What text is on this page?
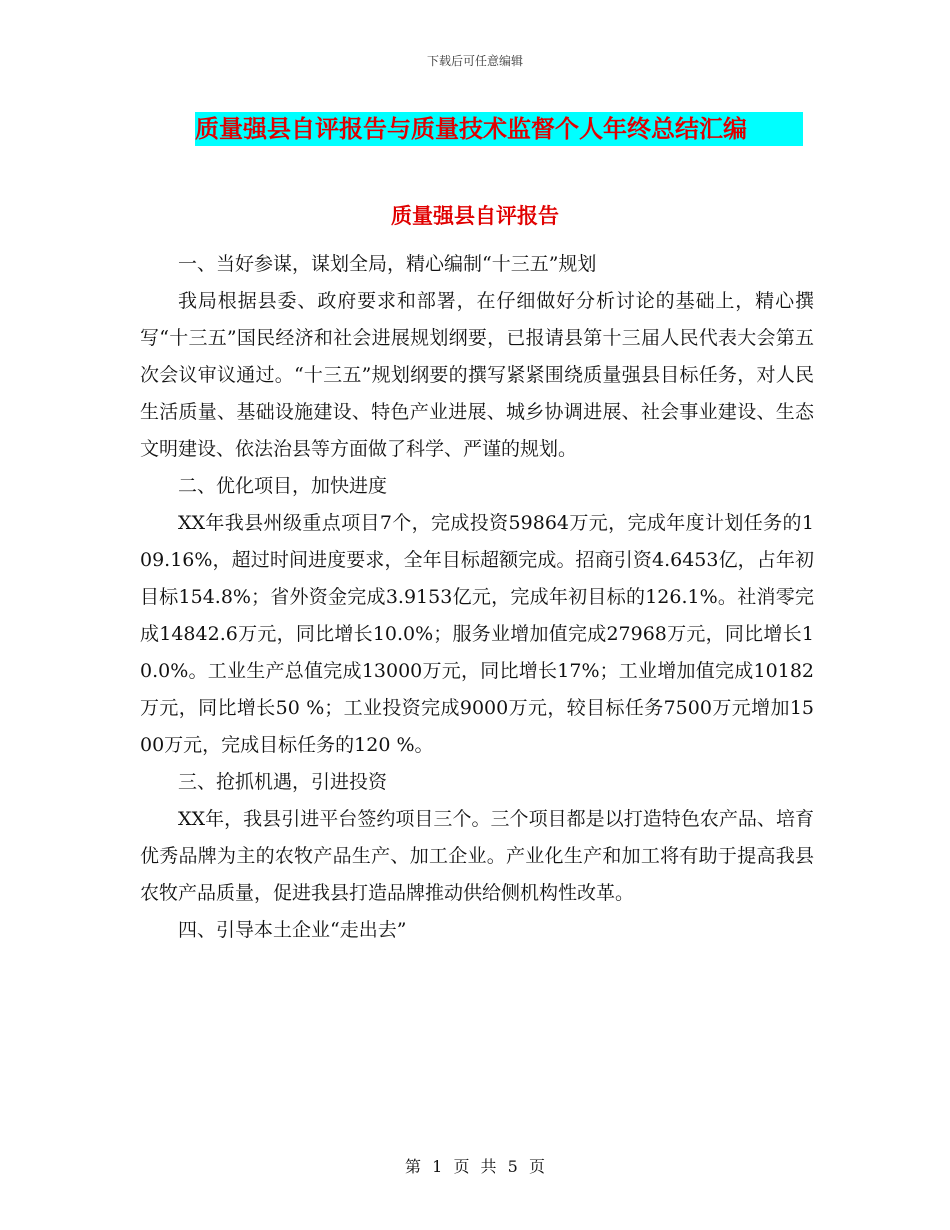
下载后可任意编辑
质量强县自评报告与质量技术监督个人年终总结汇编
质量强县自评报告

一、当好参谋，谋划全局，精心编制“十三五”规划

我局根据县委、政府要求和部署，在仔细做好分析讨论的基础上，精心撰写“十三五”国民经济和社会进展规划纲要，已报请县第十三届人民代表大会第五次会议审议通过。“十三五”规划纲要的撰写紧紧围绕质量强县目标任务，对人民生活质量、基础设施建设、特色产业进展、城乡协调进展、社会事业建设、生态文明建设、依法治县等方面做了科学、严谨的规划。

二、优化项目，加快进度

XX年我县州级重点项目7个，完成投资59864万元，完成年度计划任务的109.16%，超过时间进度要求，全年目标超额完成。招商引资4.6453亿，占年初目标154.8%；省外资金完成3.9153亿元，完成年初目标的126.1%。社消零完成14842.6万元，同比增长10.0%；服务业增加值完成27968万元，同比增长10.0%。工业生产总值完成13000万元，同比增长17%；工业增加值完成10182 万元，同比增长50 %；工业投资完成9000万元，较目标任务7500万元增加1500万元，完成目标任务的120 %。

三、抢抓机遇，引进投资

XX年，我县引进平台签约项目三个。三个项目都是以打造特色农产品、培育优秀品牌为主的农牧产品生产、加工企业。产业化生产和加工将有助于提高我县农牧产品质量，促进我县打造品牌推动供给侧机构性改革。

四、引导本土企业“走出去”

第 1 页 共 5 页
